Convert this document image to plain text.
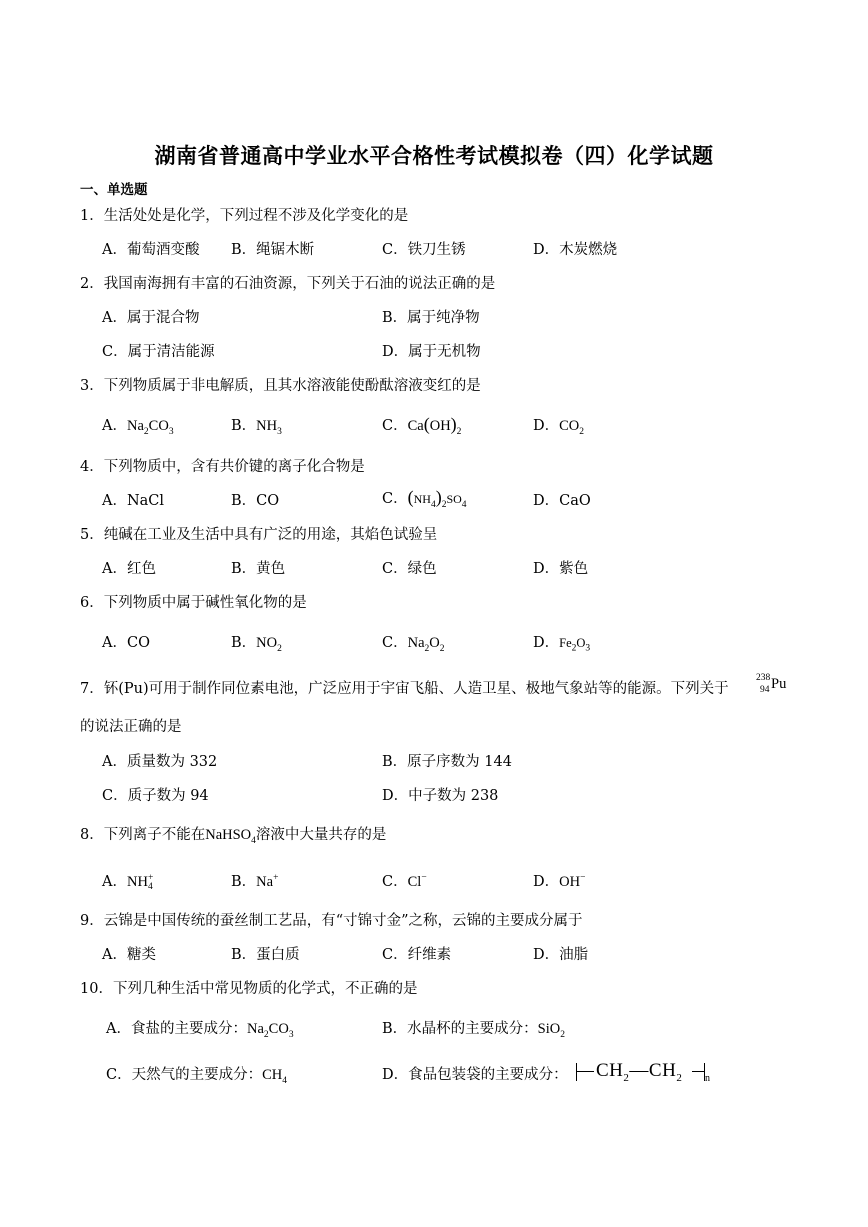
湖南省普通高中学业水平合格性考试模拟卷（四）化学试题
一、单选题
1．生活处处是化学，下列过程不涉及化学变化的是
A．葡萄酒变酸 B．绳锯木断	C．铁刀生锈	D．木炭燃烧
2．我国南海拥有丰富的石油资源，下列关于石油的说法正确的是
A．属于混合物	B．属于纯净物
C．属于清洁能源	D．属于无机物
3．下列物质属于非电解质，且其水溶液能使酚酞溶液变红的是
A．$Na_2CO_3$	B．$NH_3$	C．$Ca(OH)_2$	D．$CO_2$
4．下列物质中，含有共价键的离子化合物是
A．NaCl	B．CO	C．$(NH_4)_2SO_4$	D．CaO
5．纯碱在工业及生活中具有广泛的用途，其焰色试验呈
A．红色	B．黄色	C．绿色	D．紫色
6．下列物质中属于碱性氧化物的是
A．CO	B．$NO_2$	C．$Na_2O_2$	D．$Fe_2O_3$
7．钚(Pu)可用于制作同位素电池，广泛应用于宇宙飞船、人造卫星、极地气象站等的能源。下列关于
238
94 Pu
的说法正确的是
A．质量数为 332	B．原子序数为 144
C．质子数为 94	D．中子数为 238
8．下列离子不能在NaHSO$_4$溶液中大量共存的是
A．NH +
4	B．Na+	C．Cl−	D．OH−
9．云锦是中国传统的蚕丝制工艺品，有“寸锦寸金”之称，云锦的主要成分属于
A．糖类	B．蛋白质	C．纤维素	D．油脂
10．下列几种生活中常见物质的化学式，不正确的是
A．食盐的主要成分：$Na_2CO_3$	B．水晶杯的主要成分：SiO$_2$
C．天然气的主要成分：$CH_4$	D．食品包装袋的主要成分： $CH_2—CH_2$ n
